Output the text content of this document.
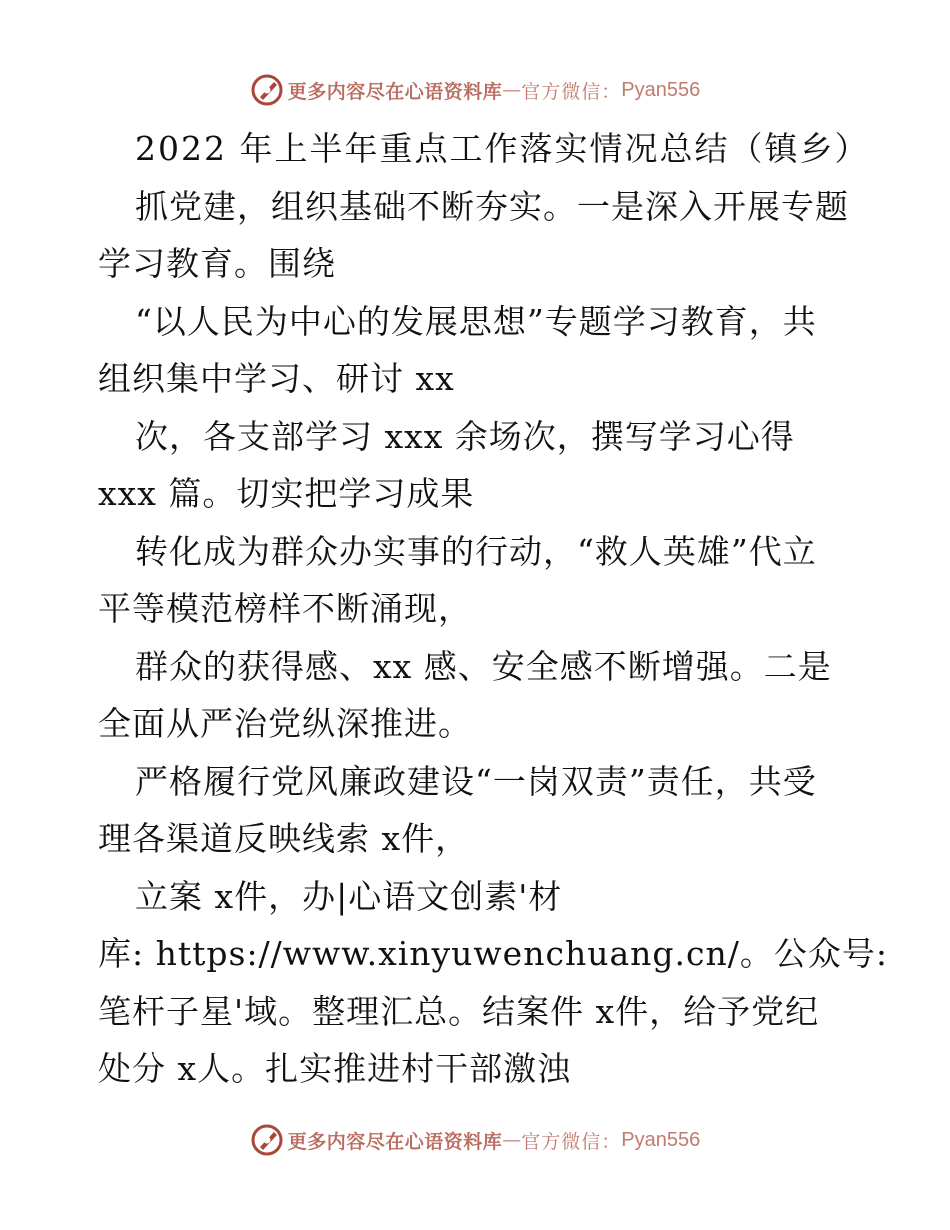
更多内容尽在心语资料库 — 官方微信： Pyan556
2022 年上半年重点工作落实情况总结（镇乡）
抓党建，组织基础不断夯实。一是深入开展专题
学习教育。围绕
“以人民为中心的发展思想”专题学习教育，共
组织集中学习、研讨 xx
次，各支部学习 xxx 余场次，撰写学习心得
xxx 篇。切实把学习成果
转化成为群众办实事的行动，“救人英雄”代立
平等模范榜样不断涌现，
群众的获得感、xx 感、安全感不断增强。二是
全面从严治党纵深推进。
严格履行党风廉政建设“一岗双责”责任，共受
理各渠道反映线索 x件，
立案 x件，办|心语文创素'材
库: https://www.xinyuwenchuang.cn/。公众号:
笔杆子星'域。整理汇总。结案件 x件，给予党纪
处分 x人。扎实推进村干部激浊
更多内容尽在心语资料库 — 官方微信： Pyan556
